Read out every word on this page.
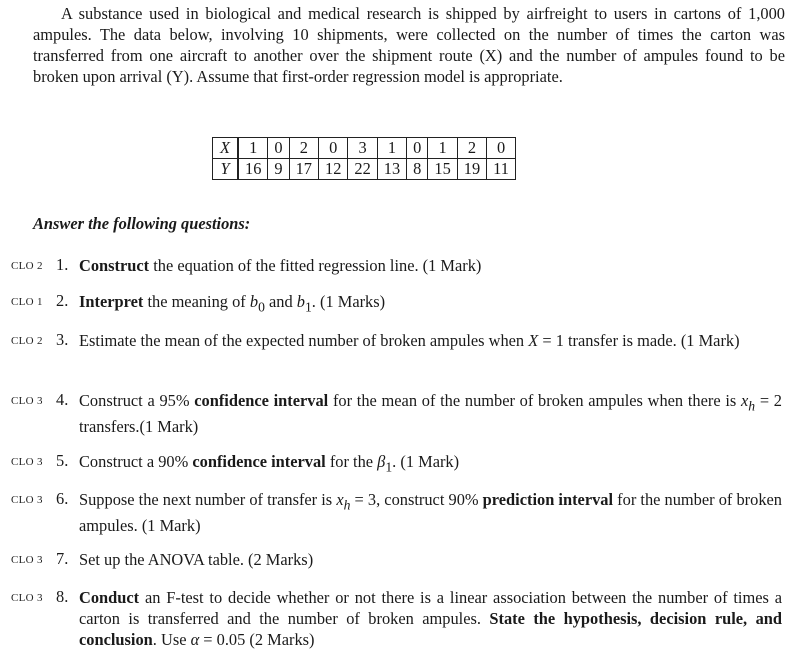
A substance used in biological and medical research is shipped by airfreight to users in cartons of 1,000 ampules. The data below, involving 10 shipments, were collected on the number of times the carton was transferred from one aircraft to another over the shipment route (X) and the number of ampules found to be broken upon arrival (Y). Assume that first-order regression model is appropriate.

X	1	0	2	0	3	1	0	1	2	0
Y	16	9	17	12	22	13	8	15	19	11

Answer the following questions:

CLO 2 1. Construct the equation of the fitted regression line. (1 Mark)
CLO 1 2. Interpret the meaning of $b_0$ and $b_1$. (1 Marks)
CLO 2 3. Estimate the mean of the expected number of broken ampules when X = 1 transfer is made. (1 Mark)
CLO 3 4. Construct a 95% confidence interval for the mean of the number of broken ampules when there is $x_h = 2$ transfers.(1 Mark)
CLO 3 5. Construct a 90% confidence interval for the $\beta_1$. (1 Mark)
CLO 3 6. Suppose the next number of transfer is $x_h = 3$, construct 90% prediction interval for the number of broken ampules. (1 Mark)
CLO 3 7. Set up the ANOVA table. (2 Marks)
CLO 3 8. Conduct an F-test to decide whether or not there is a linear association between the number of times a carton is transferred and the number of broken ampules. State the hypothesis, decision rule, and conclusion. Use α = 0.05 (2 Marks)
